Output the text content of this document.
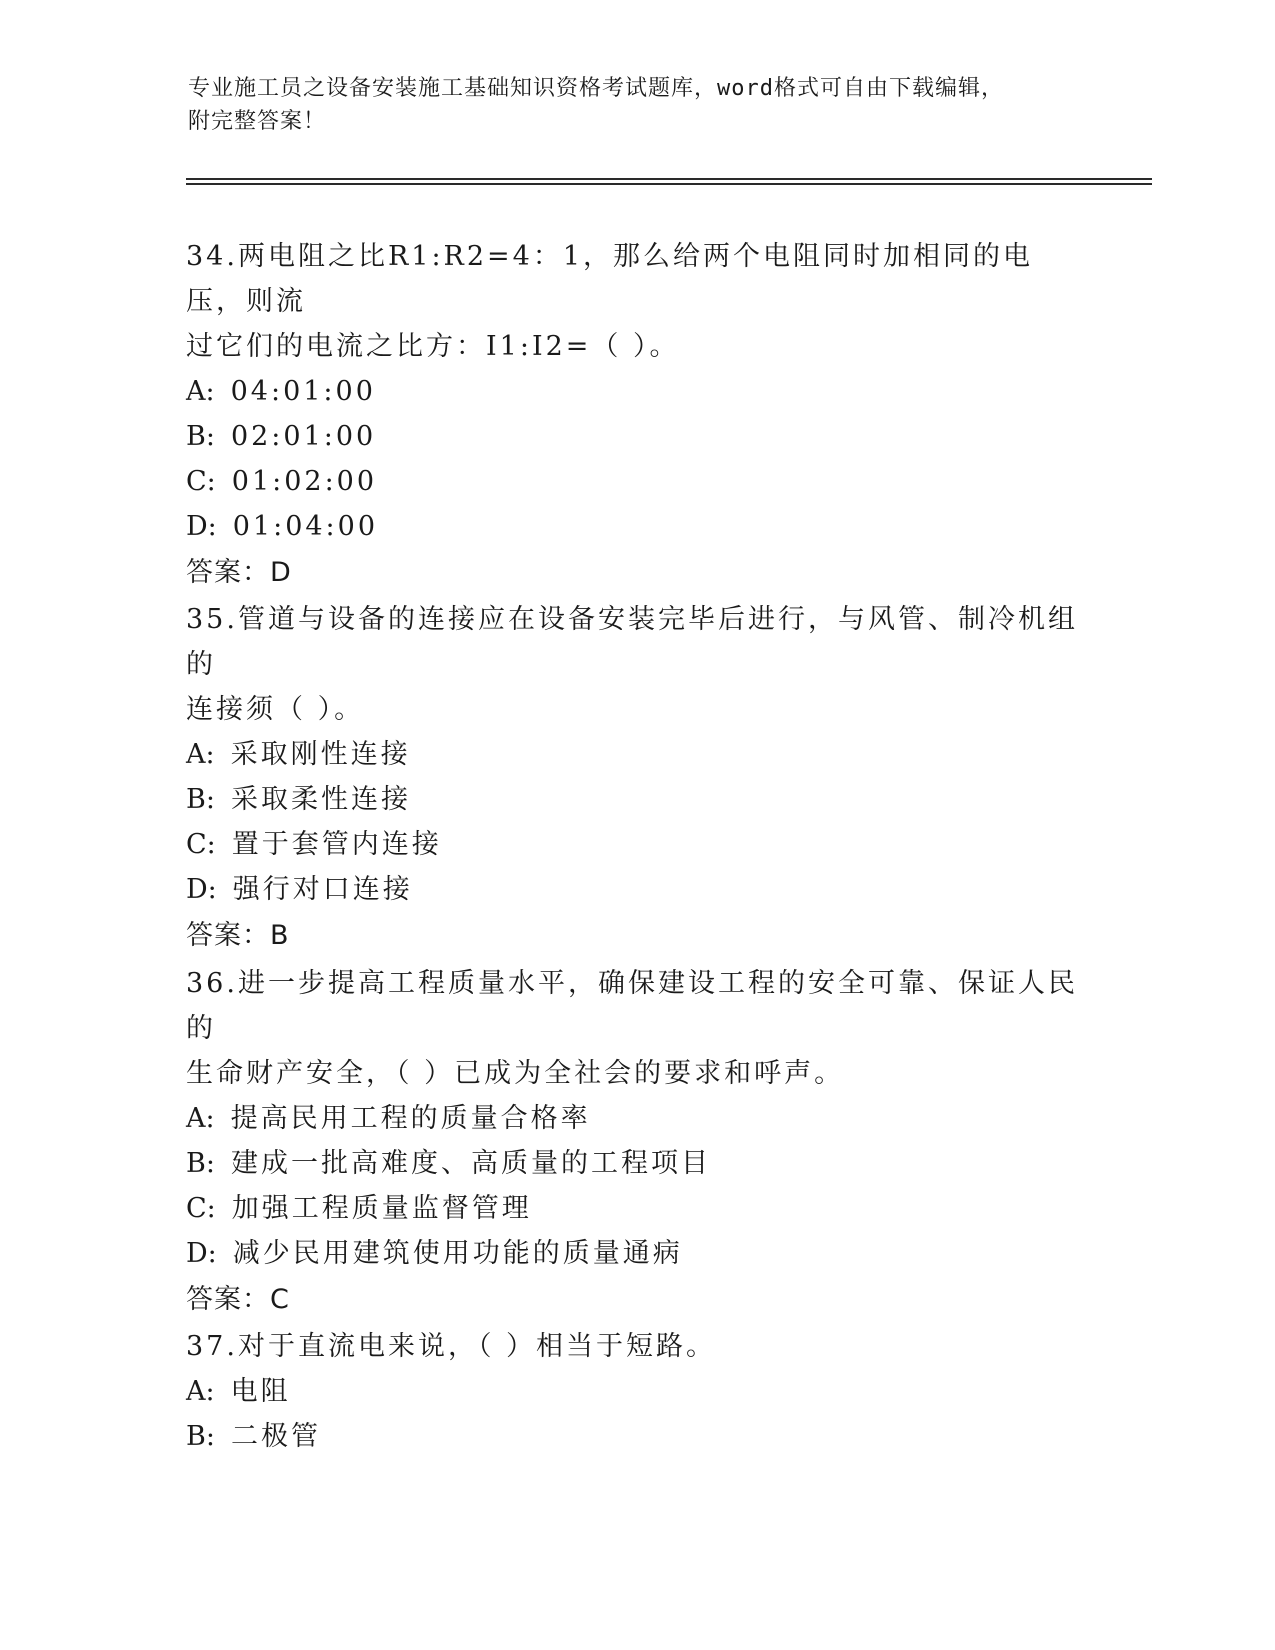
专业施工员之设备安装施工基础知识资格考试题库，word格式可自由下载编辑，
附完整答案！

34.两电阻之比R1:R2=4：1，那么给两个电阻同时加相同的电压，则流

过它们的电流之比方：I1:I2=（ ）。

A: 04:01:00

B: 02:01:00

C: 01:02:00

D: 01:04:00

答案：D

35.管道与设备的连接应在设备安装完毕后进行，与风管、制冷机组的

连接须（ ）。

A: 采取刚性连接

B: 采取柔性连接

C: 置于套管内连接

D: 强行对口连接

答案：B

36.进一步提高工程质量水平，确保建设工程的安全可靠、保证人民的

生命财产安全，（ ）已成为全社会的要求和呼声。

A: 提高民用工程的质量合格率

B: 建成一批高难度、高质量的工程项目

C: 加强工程质量监督管理

D: 减少民用建筑使用功能的质量通病

答案：C

37.对于直流电来说，（ ）相当于短路。

A: 电阻

B: 二极管
